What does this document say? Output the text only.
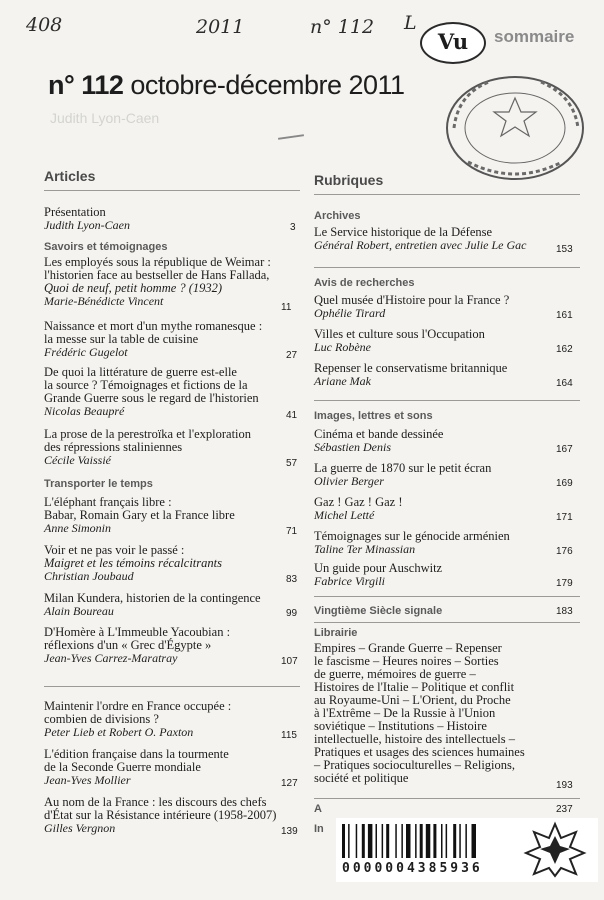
408	2011	n° 112 L
Vu	sommaire
n° 112 octobre-décembre 2011
Judith Lyon-Caen
Articles
Présentation
Judith Lyon-Caen	3
Savoirs et témoignages
Les employés sous la république de Weimar :
l'historien face au bestseller de Hans Fallada,
Quoi de neuf, petit homme ? (1932)
Marie-Bénédicte Vincent	11
Naissance et mort d'un mythe romanesque :
la messe sur la table de cuisine
Frédéric Gugelot	27
De quoi la littérature de guerre est-elle
la source ? Témoignages et fictions de la
Grande Guerre sous le regard de l'historien
Nicolas Beaupré	41
La prose de la perestroïka et l'exploration
des répressions staliniennes
Cécile Vaissié	57
Transporter le temps
L'éléphant français libre :
Babar, Romain Gary et la France libre
Anne Simonin	71
Voir et ne pas voir le passé :
Maigret et les témoins récalcitrants
Christian Joubaud	83
Milan Kundera, historien de la contingence
Alain Boureau	99
D'Homère à L'Immeuble Yacoubian :
réflexions d'un « Grec d'Égypte »
Jean-Yves Carrez-Maratray	107
Maintenir l'ordre en France occupée :
combien de divisions ?
Peter Lieb et Robert O. Paxton	115
L'édition française dans la tourmente
de la Seconde Guerre mondiale
Jean-Yves Mollier	127
Au nom de la France : les discours des chefs
d'État sur la Résistance intérieure (1958-2007)
Gilles Vergnon	139
Rubriques
Archives
Le Service historique de la Défense
Général Robert, entretien avec Julie Le Gac	153
Avis de recherches
Quel musée d'Histoire pour la France ?
Ophélie Tirard	161
Villes et culture sous l'Occupation
Luc Robène	162
Repenser le conservatisme britannique
Ariane Mak	164
Images, lettres et sons
Cinéma et bande dessinée
Sébastien Denis	167
La guerre de 1870 sur le petit écran
Olivier Berger	169
Gaz ! Gaz ! Gaz !
Michel Letté	171
Témoignages sur le génocide arménien
Taline Ter Minassian	176
Un guide pour Auschwitz
Fabrice Virgili	179
Vingtième Siècle signale	183
Librairie
Empires – Grande Guerre – Repenser
le fascisme – Heures noires – Sorties
de guerre, mémoires de guerre –
Histoires de l'Italie – Politique et conflit
au Royaume-Uni – L'Orient, du Proche
à l'Extrême – De la Russie à l'Union
soviétique – Institutions – Histoire
intellectuelle, histoire des intellectuels –
Pratiques et usages des sciences humaines
– Pratiques socioculturelles – Religions,
société et politique
193
A	237
In
0000004385936
